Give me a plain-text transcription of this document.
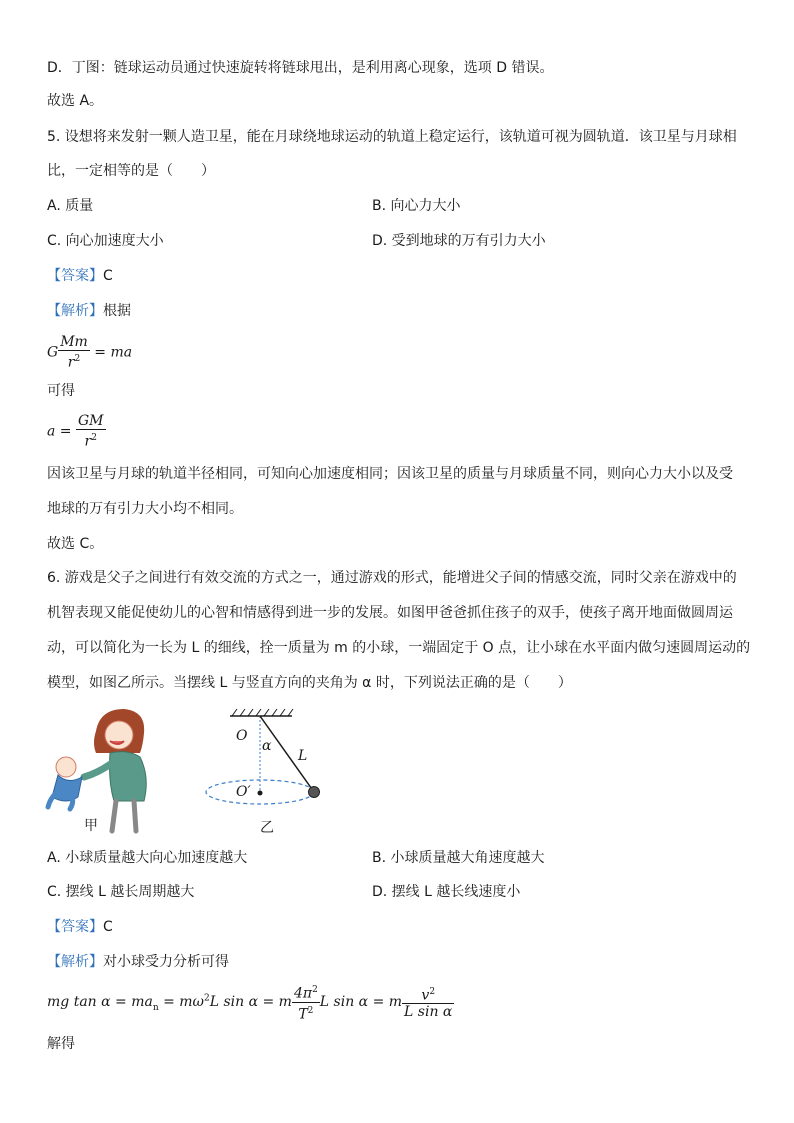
D．丁图：链球运动员通过快速旋转将链球甩出，是利用离心现象，选项 D 错误。
故选 A。
5. 设想将来发射一颗人造卫星，能在月球绕地球运动的轨道上稳定运行，该轨道可视为圆轨道．该卫星与月球相
比，一定相等的是（　　）
A. 质量	B. 向心力大小
C. 向心加速度大小	D. 受到地球的万有引力大小
【答案】C
【解析】根据
G $\frac{Mm}{r^2}$ = ma
可得
$a = \frac{GM}{r^2}$
因该卫星与月球的轨道半径相同，可知向心加速度相同；因该卫星的质量与月球质量不同，则向心力大小以及受
地球的万有引力大小均不相同。
故选 C。
6. 游戏是父子之间进行有效交流的方式之一，通过游戏的形式，能增进父子间的情感交流，同时父亲在游戏中的
机智表现又能促使幼儿的心智和情感得到进一步的发展。如图甲爸爸抓住孩子的双手，使孩子离开地面做圆周运
动，可以简化为一长为 L 的细线，拴一质量为 m 的小球，一端固定于 O 点，让小球在水平面内做匀速圆周运动的
模型，如图乙所示。当摆线 L 与竖直方向的夹角为 α 时，下列说法正确的是（　　）
甲
O
α
L
O′
乙
A. 小球质量越大向心加速度越大	B. 小球质量越大角速度越大
C. 摆线 L 越长周期越大	D. 摆线 L 越长线速度小
【答案】C
【解析】对小球受力分析可得
mg $\tan \alpha = ma_n = m\omega^2L$ sin α = m $\frac{4\pi^2}{T^2}$ L sin α = m $\frac{v^2}{\text{L sin α}}$
解得
